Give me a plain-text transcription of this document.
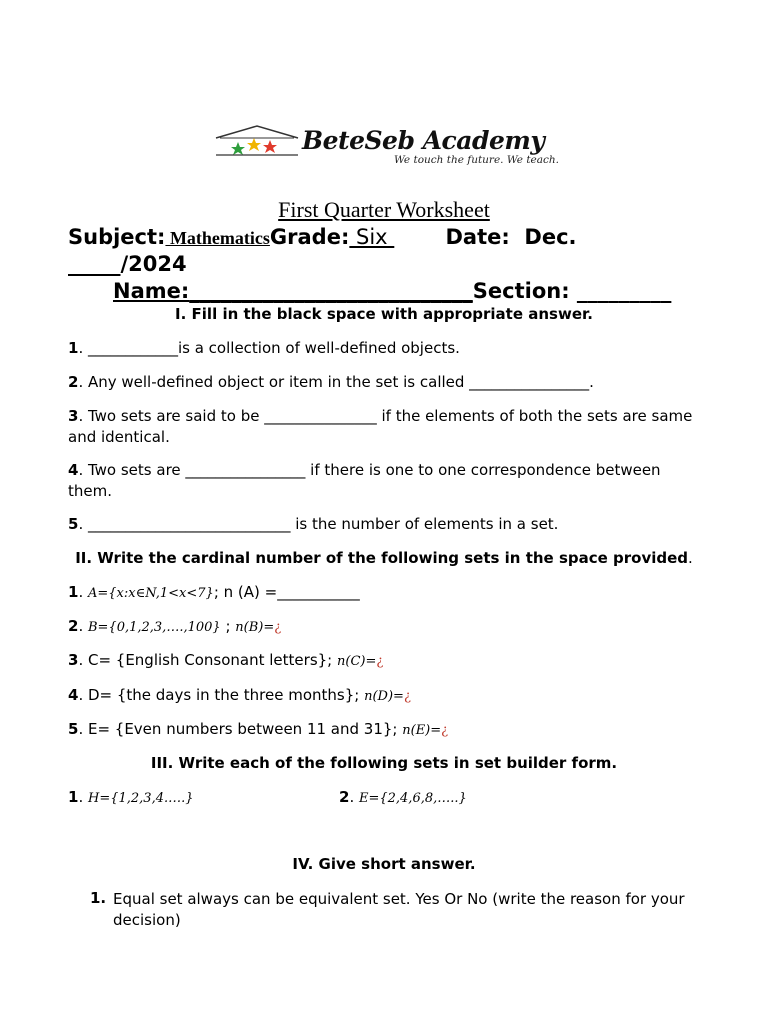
BeteSeb Academy
We touch the future. We teach.
First Quarter Worksheet
Subject: MathematicsGrade: Six        Date:  Dec.
_____/2024
Name:___________________________Section: _________
I. Fill in the black space with appropriate answer.
1. ____________is a collection of well-defined objects.
2. Any well-defined object or item in the set is called ________________.
3. Two sets are said to be _______________ if the elements of both the sets are same and identical.
4. Two sets are ________________ if there is one to one correspondence between them.
5. ___________________________ is the number of elements in a set.
II. Write the cardinal number of the following sets in the space provided.
1. A={x:x∈N,1<x<7}; n (A) =___________
2. B={0,1,2,3,….,100} ; n(B)=¿
3. C= {English Consonant letters}; n(C)=¿
4. D= {the days in the three months}; n(D)=¿
5. E= {Even numbers between 11 and 31}; n(E)=¿
III. Write each of the following sets in set builder form.
1. H={1,2,3,4.….}	2. E={2,4,6,8,…..}
IV. Give short answer.
1. Equal set always can be equivalent set. Yes Or No (write the reason for your decision)
